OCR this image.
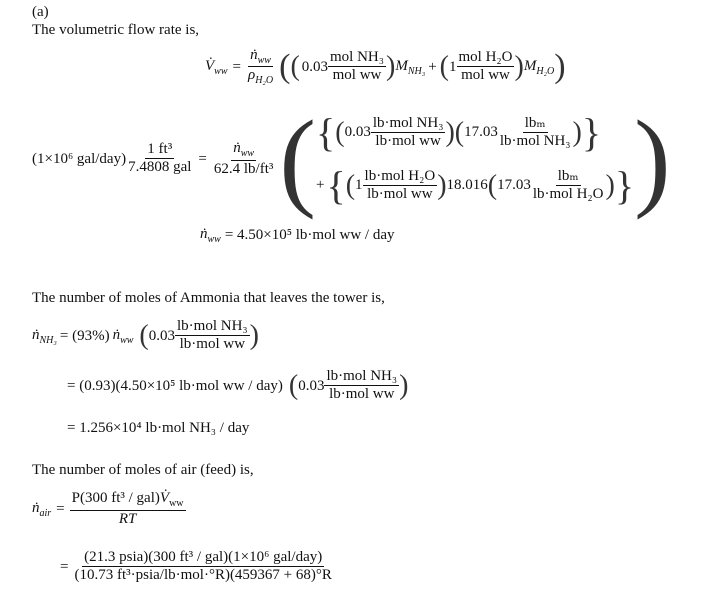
(a)
The volumetric flow rate is,
$V̇_{ww} = \frac{ṅ_{ww}}{\rho_{H_2O}}$ ( ( $0.03 \frac{\text{mol NH₃}}{\text{mol ww}}$ ) $M_{NH_3}$ + ( $1 \frac{\text{mol H₂O}}{\text{mol ww}}$ ) $M_{H_2O}$ )
(1×10⁶ $gal/day) \frac{\text{1 ft³}}{\text{7.4808 gal}} = \frac{ṅ_{ww}}{\text{62.4 lb/ft³}}$ ( { ( $0.03 \frac{\text{lb·mol NH₃}}{\text{lb·mol ww}}$ ) ( $17.03 \frac{\text{lbₘ}}{\text{lb·mol NH₃}}$ ) }
+ { ( $1 \frac{\text{lb·mol H₂O}}{\text{lb·mol ww}}$ ) 18.016 ( $17.03 \frac{\text{lbₘ}}{\text{lb·mol H₂O}}$ ) } )
ṅ$_{ww}$ = 4.50×10⁵ lb·mol ww / day
The number of moles of Ammonia that leaves the tower is,
ṅ$_{NH_3}$ = (93%) ṅ$_{ww}$ ( $0.03 \frac{\text{lb·mol NH₃}}{\text{lb·mol ww}}$ )
= (0.93)(4.50×10⁵ lb·mol ww / day) ( $0.03 \frac{\text{lb·mol NH₃}}{\text{lb·mol ww}}$ )
= 1.256×10⁴ lb·mol NH₃ / day
The number of moles of air (feed) is,
ṅ$_{air}$ = $\frac{P(300 ft^3 / gal)V̇_{ww}}{RT}$
= $\frac{\text{(21.3 psia)(300 ft³ / gal)(1×10⁶ gal/day)}}{\text{(10.73 ft³·psia/lb·mol·°R)(459367 + 68)°R}}$
